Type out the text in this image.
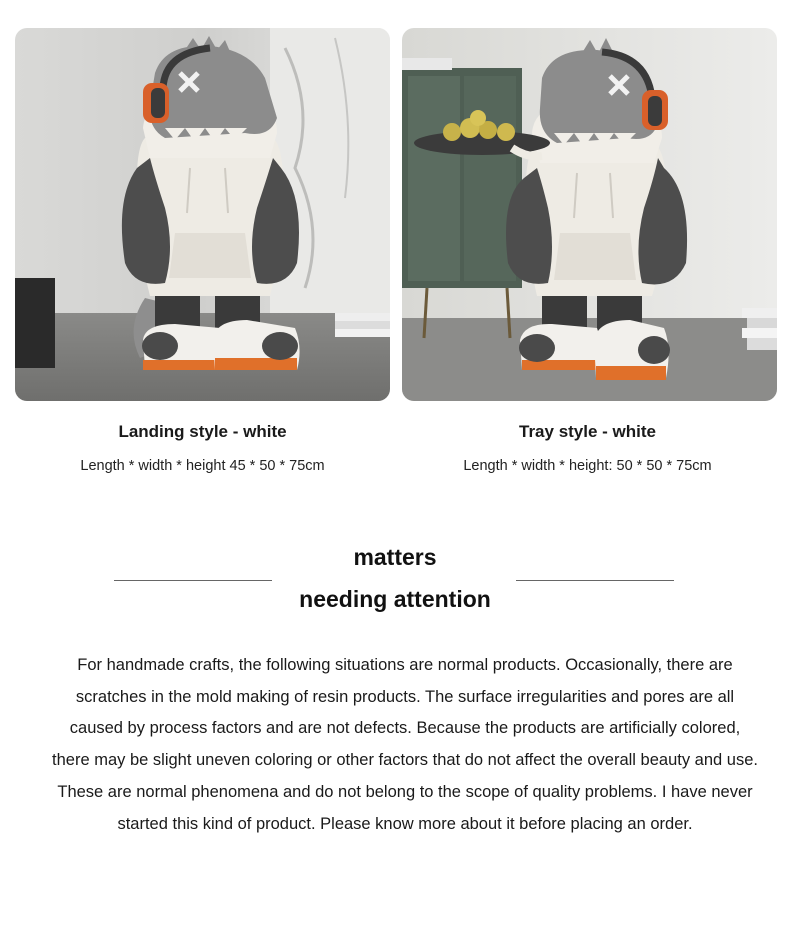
Landing style - white
Length * width * height 45 * 50 * 75cm
Tray style - white
Length * width * height: 50 * 50 * 75cm
matters
needing attention
For handmade crafts, the following situations are normal products. Occasionally, there are scratches in the mold making of resin products. The surface irregularities and pores are all caused by process factors and are not defects. Because the products are artificially colored, there may be slight uneven coloring or other factors that do not affect the overall beauty and use. These are normal phenomena and do not belong to the scope of quality problems. I have never started this kind of product. Please know more about it before placing an order.
